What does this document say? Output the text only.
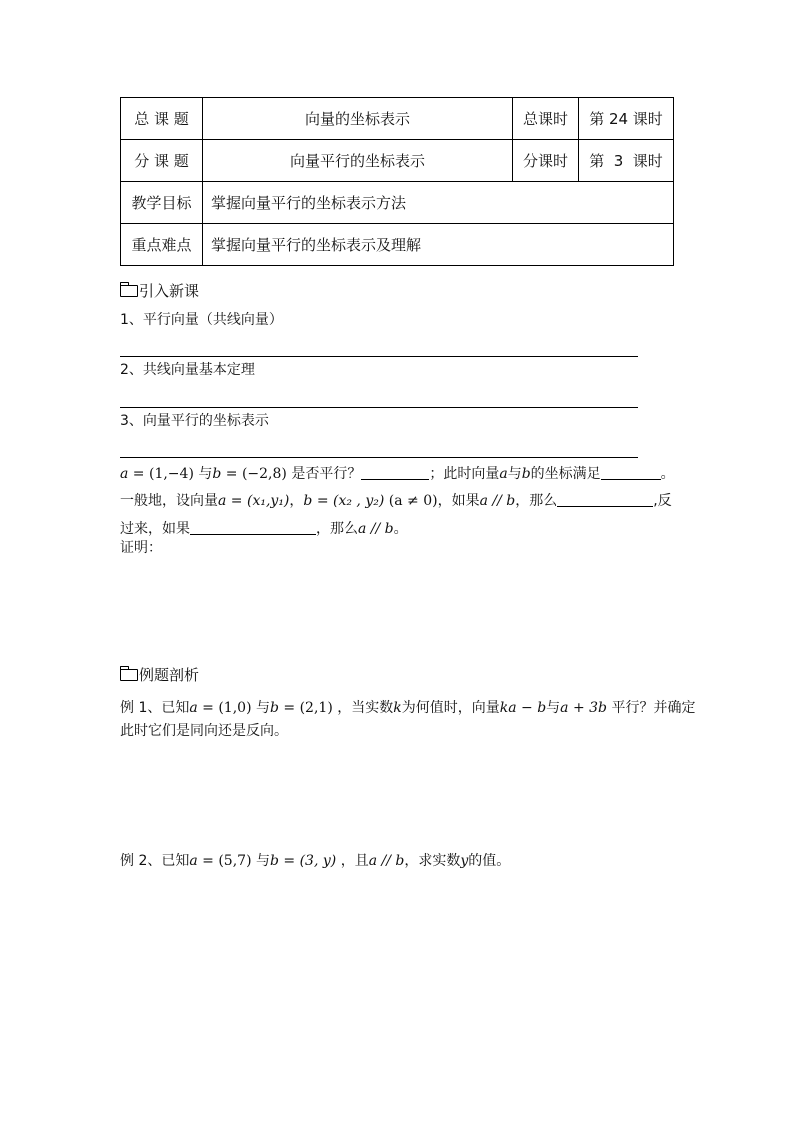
总 课 题	向量的坐标表示	总课时	第 24 课时
分 课 题	向量平行的坐标表示	分课时	第  3  课时
教学目标	掌握向量平行的坐标表示方法		
重点难点	掌握向量平行的坐标表示及理解		
引入新课
1、平行向量（共线向量）
2、共线向量基本定理
3、向量平行的坐标表示
a = (1,−4) 与b = (−2,8) 是否平行？	；此时向量a与b的坐标满足	。
一般地，设向量a = (x₁,y₁)，b = (x₂ , y₂) (a ≠ 0)，如果a // b，那么	,反
过来，如果	，那么a // b。
证明：
例题剖析
例 1、已知a = (1,0) 与b = (2,1) ，当实数k为何值时，向量ka − b与a + 3b 平行？并确定
此时它们是同向还是反向。
例 2、已知a = (5,7) 与b = (3, y) ，且a // b，求实数y的值。
